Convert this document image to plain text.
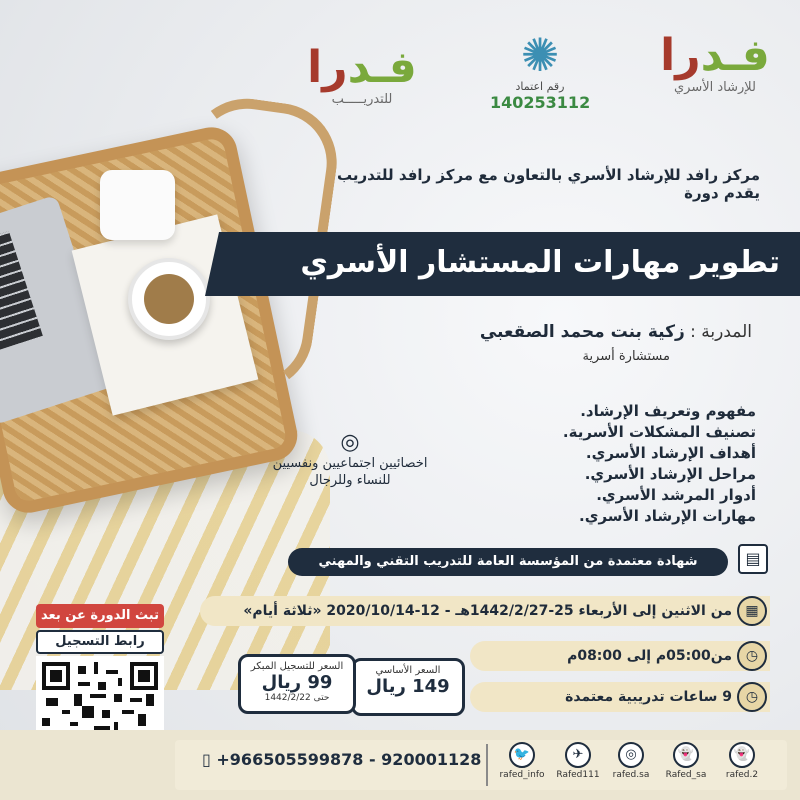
فـدرا
للتدريـــــب
✺
رقم اعتماد
140253112
فـدرا
للإرشاد الأسري
مركز رافد للإرشاد الأسري بالتعاون مع مركز رافد للتدريب
يقدم دورة
تطوير مهارات المستشار الأسري
المدربة : زكية بنت محمد الصقعبي
مستشارة أسرية
مفهوم وتعريف الإرشاد.
تصنيف المشكلات الأسرية.
أهداف الإرشاد الأسري.
مراحل الإرشاد الأسري.
أدوار المرشد الأسري.
مهارات الإرشاد الأسري.
◎
اخصائيين اجتماعيين ونفسيين
للنساء وللرجال
شهادة معتمدة من المؤسسة العامة للتدريب التقني والمهني	▤
من الاثنين إلى الأربعاء 25-1442/2/27هـ - 12-2020/10/14 «ثلاثة أيام» ▦
من05:00م إلى 08:00م ◷
9 ساعات تدريبية معتمدة ◷
السعر الأساسي
149 ريال
السعر للتسجيل المبكر
99 ريال
حتى 1442/2/22
تبث الدورة عن بعد
رابط التسجيل
▯ +966505599878 - 920001128	🐦
rafed_info
✈
Rafed111
◎
rafed.sa
👻
Rafed_sa
👻
rafed.2
